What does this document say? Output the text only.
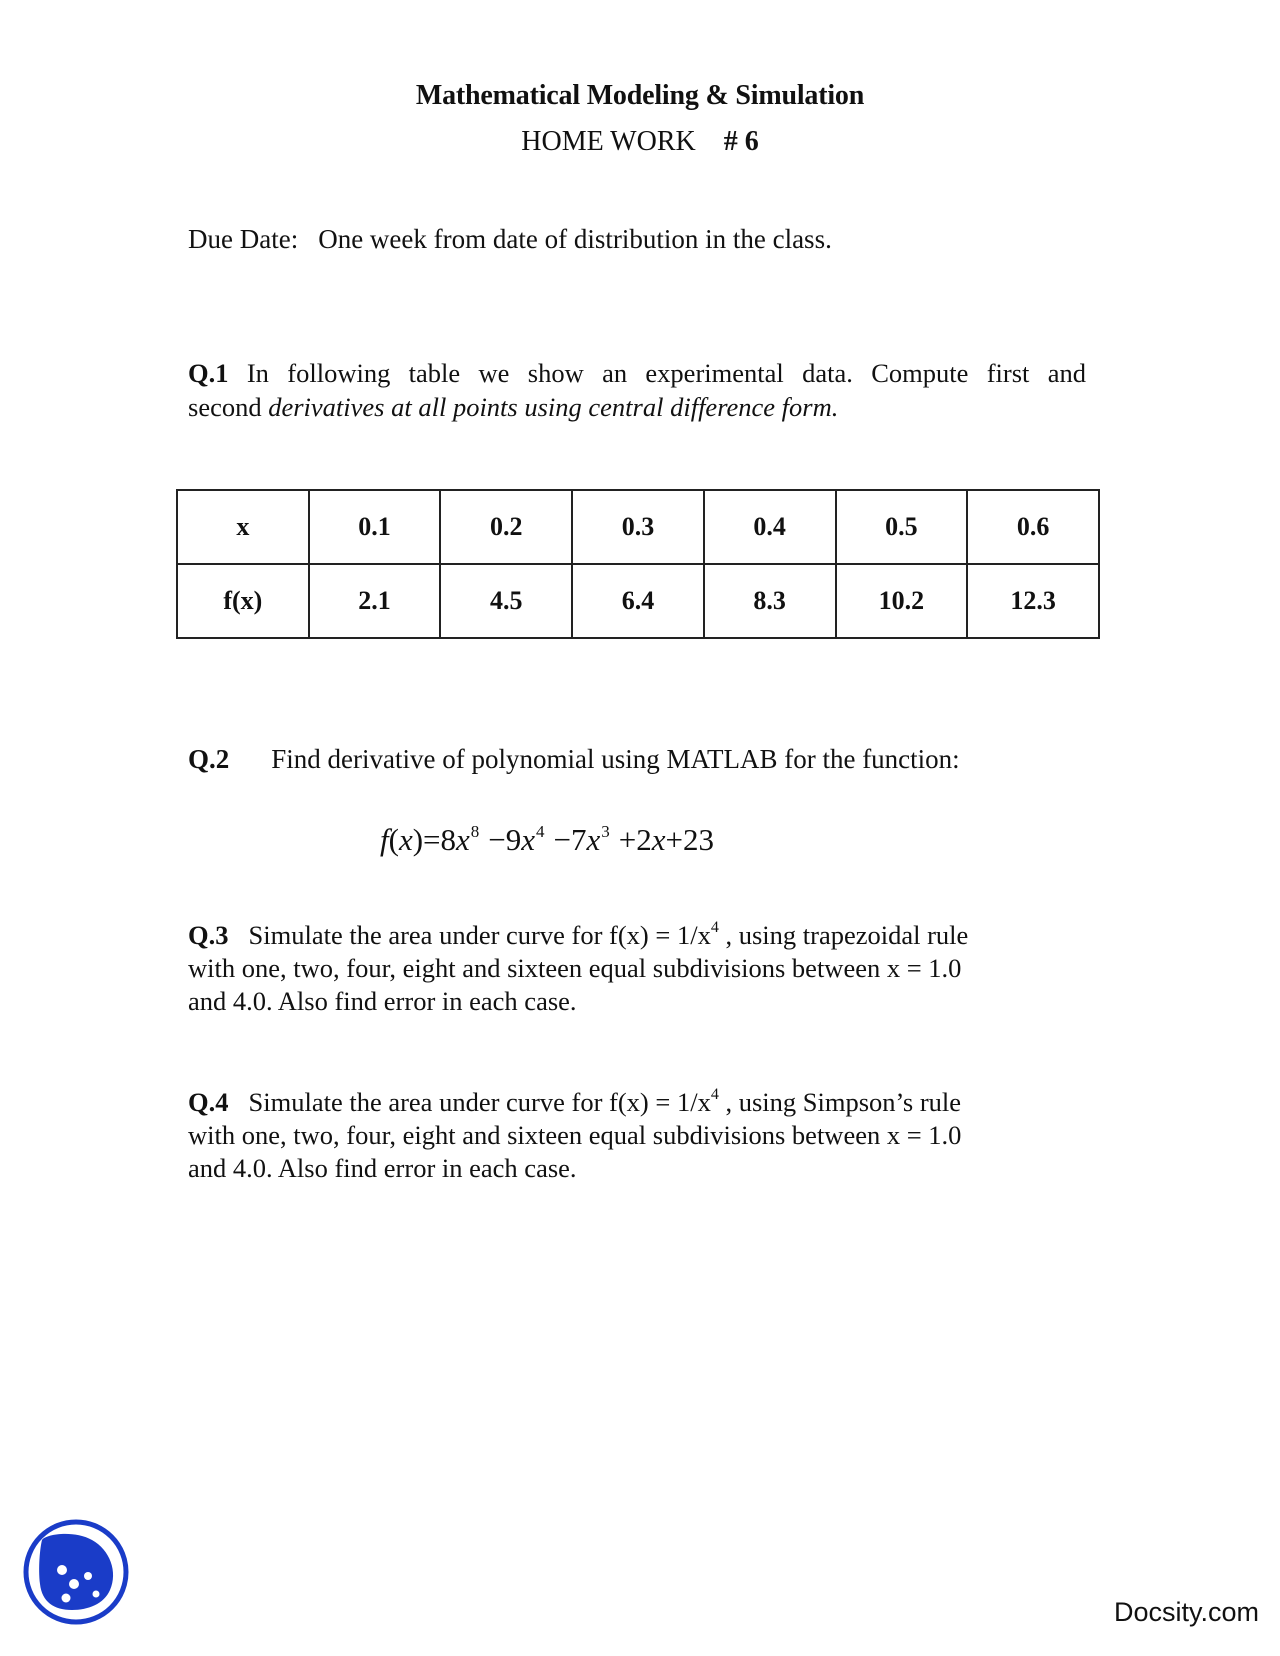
Mathematical Modeling & Simulation
HOME WORK # 6
Due Date: One week from date of distribution in the class.
Q.1 In following table we show an experimental data. Compute first and
second derivatives at all points using central difference form.
x	0.1	0.2	0.3	0.4	0.5	0.6
f(x)	2.1	4.5	6.4	8.3	10.2	12.3
Q.2 Find derivative of polynomial using MATLAB for the function:
$f(x)=8x^8 -9x^4 -7x^3 +2x+23$
Q.3 Simulate the area under curve for $f(x) = 1/x^4$ , using trapezoidal rule
with one, two, four, eight and sixteen equal subdivisions between x = 1.0
and 4.0. Also find error in each case.
Q.4 Simulate the area under curve for $f(x) = 1/x^4$ , using Simpson’s rule
with one, two, four, eight and sixteen equal subdivisions between x = 1.0
and 4.0. Also find error in each case.
Docsity.com
